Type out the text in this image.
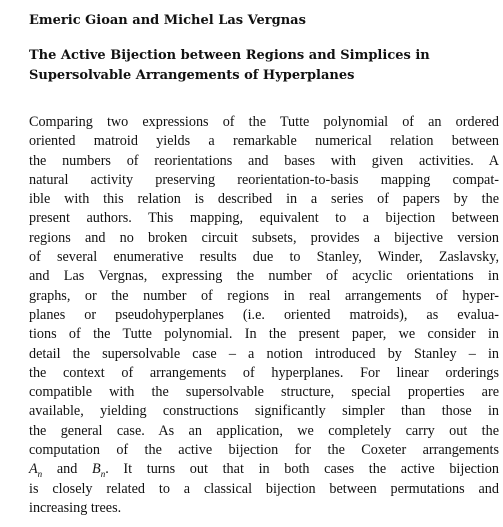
Emeric Gioan and Michel Las Vergnas
The Active Bijection between Regions and Simplices in
Supersolvable Arrangements of Hyperplanes
Comparing two expressions of the Tutte polynomial of an ordered
oriented matroid yields a remarkable numerical relation between
the numbers of reorientations and bases with given activities. A
natural activity preserving reorientation-to-basis mapping compat-
ible with this relation is described in a series of papers by the
present authors. This mapping, equivalent to a bijection between
regions and no broken circuit subsets, provides a bijective version
of several enumerative results due to Stanley, Winder, Zaslavsky,
and Las Vergnas, expressing the number of acyclic orientations in
graphs, or the number of regions in real arrangements of hyper-
planes or pseudohyperplanes (i.e. oriented matroids), as evalua-
tions of the Tutte polynomial. In the present paper, we consider in
detail the supersolvable case – a notion introduced by Stanley – in
the context of arrangements of hyperplanes. For linear orderings
compatible with the supersolvable structure, special properties are
available, yielding constructions significantly simpler than those in
the general case. As an application, we completely carry out the
computation of the active bijection for the Coxeter arrangements
$A_n$ and $B_n$. It turns out that in both cases the active bijection
is closely related to a classical bijection between permutations and
increasing trees.
